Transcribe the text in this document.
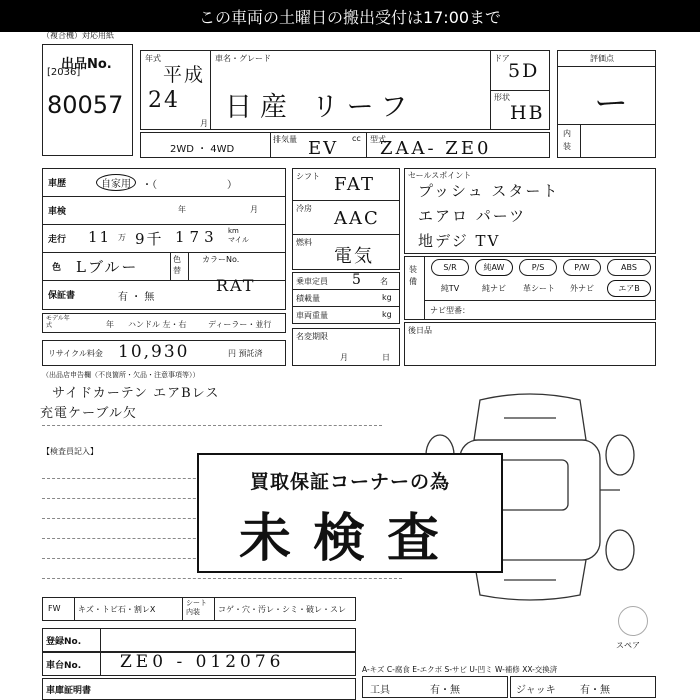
この車両の土曜日の搬出受付は17:00まで
（複合機）対応用紙
出品No.
[2036]
80057
年式
平成
24
月
車名・グレード
日産 リーフ
ドア
5D
形状
HB
評価点
ー
内装
2WD ・ 4WD
排気量	cc
EV	型式
ZAA- ZE0
車歴	自家用	・（　　　　　　　）
車検	年	月
走行 11 万 9千 173 km
マイル
色 Lブルー	色替
カラーNo.
RAT
保証書	有 ・ 無
モデル年式	年 ハンドル 左・右	ディーラー・並行
リサイクル料金 10,930	円 預託済
シフト FAT
冷房 AAC
燃料
電気
乗車定員 5 名
積載量	kg
車両重量	kg
名変期限
月	日
セールスポイント
プッシュ スタート
エアロ パーツ
地デジ TV
装備
S/R	純AW	P/S	P/W	ABS
純TV	純ナビ	革シート	外ナビ	エアB
ナビ型番：
後日品
（出品店申告欄（不良箇所・欠品・注意事項等））
サイドカーテン エアBレス
充電ケーブル欠
【検査員記入】
買取保証コーナーの為
未検査
FW キズ・トビ石・割レX
シート内装	コゲ・穴・汚レ・シミ・破レ・スレ
登録No.
車台No. ZE0 - 012076
車庫証明書
スペア
A-キズ C-腐食 E-エクボ S-サビ U-凹ミ W-補修 XX-交換済
工具	有・無	ジャッキ 有・無
